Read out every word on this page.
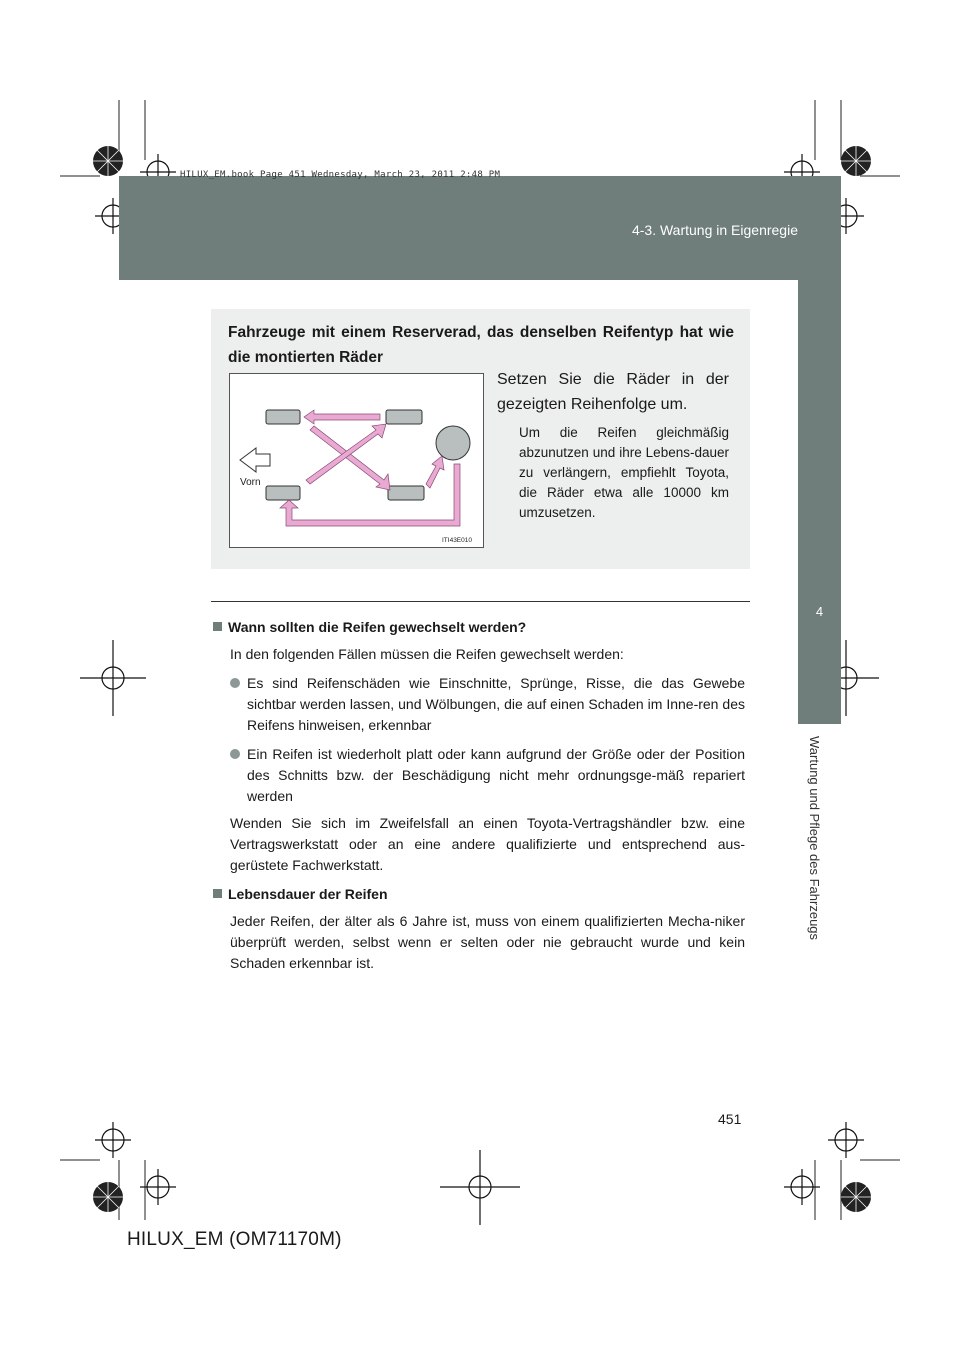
4-3. Wartung in Eigenregie
HILUX_EM.book Page 451 Wednesday, March 23, 2011 2:48 PM
4
Wartung und Pflege des Fahrzeugs
Fahrzeuge mit einem Reserverad, das denselben Reifentyp hat wie die montierten Räder
Vorn
ITI43E010
Setzen Sie die Räder in der gezeigten Reihenfolge um.
Um die Reifen gleichmäßig abzunutzen und ihre Lebens-dauer zu verlängern, empfiehlt Toyota, die Räder etwa alle 10000 km umzusetzen.

Wann sollten die Reifen gewechselt werden?

In den folgenden Fällen müssen die Reifen gewechselt werden:

Es sind Reifenschäden wie Einschnitte, Sprünge, Risse, die das Gewebe sichtbar werden lassen, und Wölbungen, die auf einen Schaden im Inne-ren des Reifens hinweisen, erkennbar
Ein Reifen ist wiederholt platt oder kann aufgrund der Größe oder der Position des Schnitts bzw. der Beschädigung nicht mehr ordnungsge-mäß repariert werden

Wenden Sie sich im Zweifelsfall an einen Toyota-Vertragshändler bzw. eine Vertragswerkstatt oder an eine andere qualifizierte und entsprechend aus-gerüstete Fachwerkstatt.

Lebensdauer der Reifen

Jeder Reifen, der älter als 6 Jahre ist, muss von einem qualifizierten Mecha-niker überprüft werden, selbst wenn er selten oder nie gebraucht wurde und kein Schaden erkennbar ist.

451
HILUX_EM (OM71170M)
